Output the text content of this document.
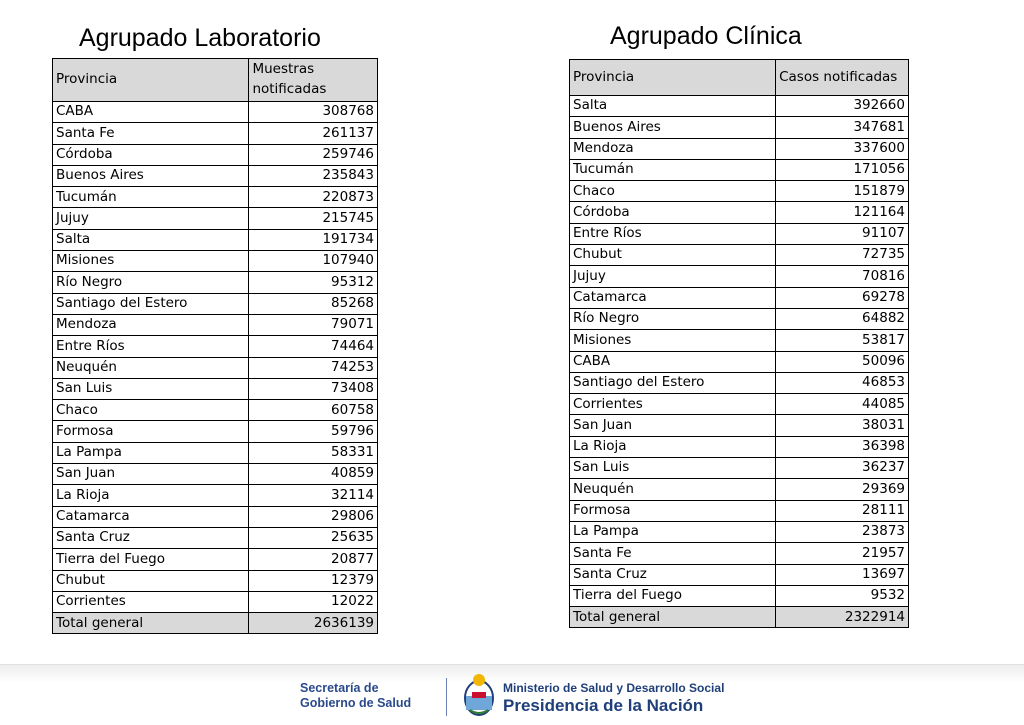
Agrupado Laboratorio	Agrupado Clínica
Provincia	Muestras notificadas
CABA	308768
Santa Fe	261137
Córdoba	259746
Buenos Aires	235843
Tucumán	220873
Jujuy	215745
Salta	191734
Misiones	107940
Río Negro	95312
Santiago del Estero	85268
Mendoza	79071
Entre Ríos	74464
Neuquén	74253
San Luis	73408
Chaco	60758
Formosa	59796
La Pampa	58331
San Juan	40859
La Rioja	32114
Catamarca	29806
Santa Cruz	25635
Tierra del Fuego	20877
Chubut	12379
Corrientes	12022
Total general	2636139
Provincia	Casos notificadas
Salta	392660
Buenos Aires	347681
Mendoza	337600
Tucumán	171056
Chaco	151879
Córdoba	121164
Entre Ríos	91107
Chubut	72735
Jujuy	70816
Catamarca	69278
Río Negro	64882
Misiones	53817
CABA	50096
Santiago del Estero	46853
Corrientes	44085
San Juan	38031
La Rioja	36398
San Luis	36237
Neuquén	29369
Formosa	28111
La Pampa	23873
Santa Fe	21957
Santa Cruz	13697
Tierra del Fuego	9532
Total general	2322914
Secretaría de
Gobierno de Salud
Ministerio de Salud y Desarrollo Social
Presidencia de la Nación
